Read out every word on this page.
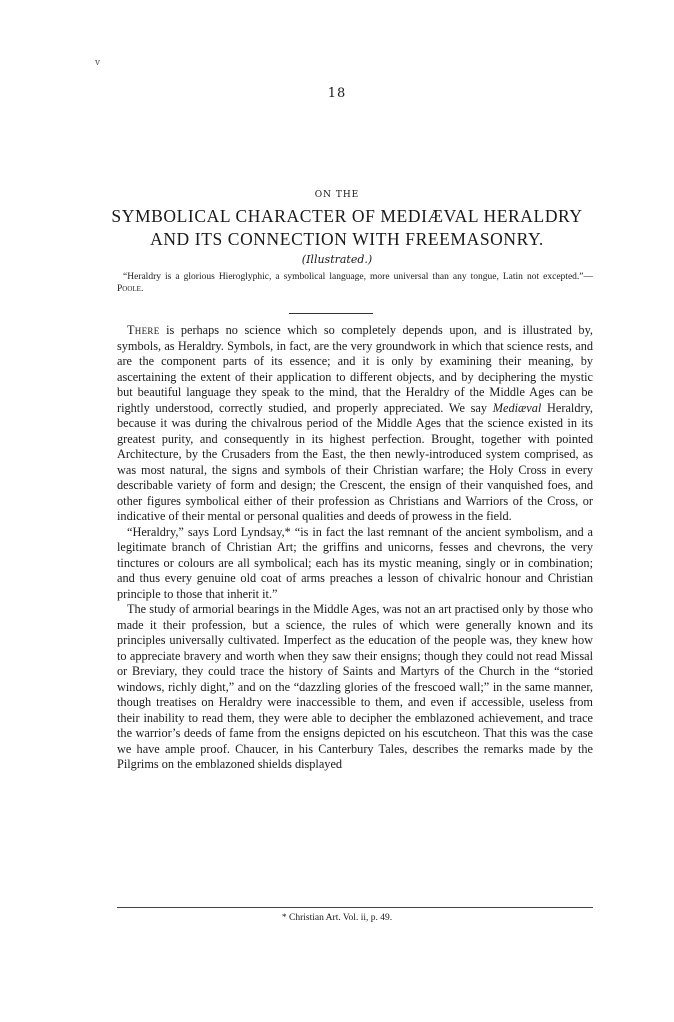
v
18
ON THE
SYMBOLICAL CHARACTER OF MEDIÆVAL HERALDRY
AND ITS CONNECTION WITH FREEMASONRY.
(Illustrated.)
“Heraldry is a glorious Hieroglyphic, a symbolical language, more universal than any tongue, Latin not excepted.”—Poole.

There is perhaps no science which so completely depends upon, and is illustrated by, symbols, as Heraldry. Symbols, in fact, are the very groundwork in which that science rests, and are the component parts of its essence; and it is only by examining their meaning, by ascertaining the extent of their application to different objects, and by deciphering the mystic but beautiful language they speak to the mind, that the Heraldry of the Middle Ages can be rightly understood, correctly studied, and properly appreciated. We say Mediæval Heraldry, because it was during the chivalrous period of the Middle Ages that the science existed in its greatest purity, and consequently in its highest perfection. Brought, together with pointed Architecture, by the Crusaders from the East, the then newly-introduced system comprised, as was most natural, the signs and symbols of their Christian warfare; the Holy Cross in every describable variety of form and design; the Crescent, the ensign of their vanquished foes, and other figures symbolical either of their profession as Christians and Warriors of the Cross, or indicative of their mental or personal qualities and deeds of prowess in the field.

“Heraldry,” says Lord Lyndsay,* “is in fact the last remnant of the ancient symbolism, and a legitimate branch of Christian Art; the griffins and unicorns, fesses and chevrons, the very tinctures or colours are all symbolical; each has its mystic meaning, singly or in combination; and thus every genuine old coat of arms preaches a lesson of chivalric honour and Christian principle to those that inherit it.”

The study of armorial bearings in the Middle Ages, was not an art practised only by those who made it their profession, but a science, the rules of which were generally known and its principles universally cultivated. Imperfect as the education of the people was, they knew how to appreciate bravery and worth when they saw their ensigns; though they could not read Missal or Breviary, they could trace the history of Saints and Martyrs of the Church in the “storied windows, richly dight,” and on the “dazzling glories of the frescoed wall;” in the same manner, though treatises on Heraldry were inaccessible to them, and even if accessible, useless from their inability to read them, they were able to decipher the emblazoned achievement, and trace the warrior’s deeds of fame from the ensigns depicted on his escutcheon. That this was the case we have ample proof. Chaucer, in his Canterbury Tales, describes the remarks made by the Pilgrims on the emblazoned shields displayed

* Christian Art. Vol. ii, p. 49.
